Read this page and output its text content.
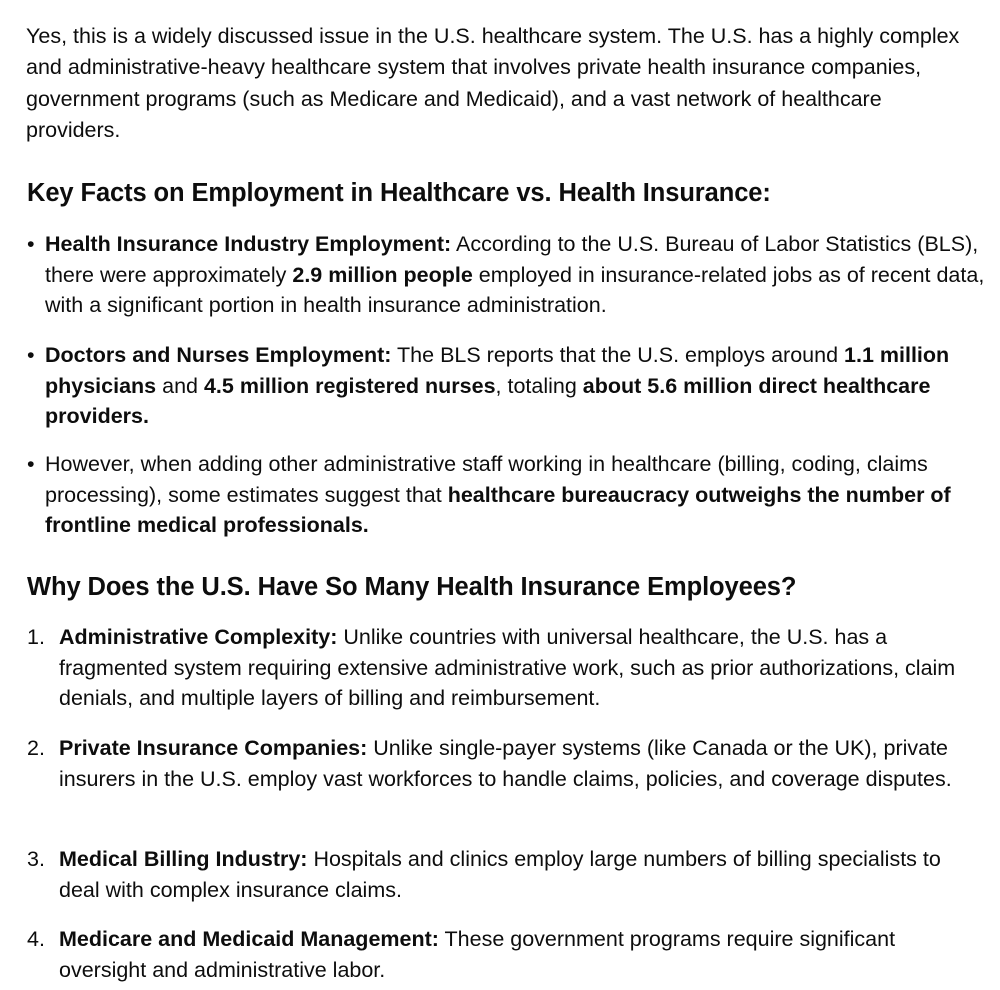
Yes, this is a widely discussed issue in the U.S. healthcare system. The U.S. has a highly complex and administrative-heavy healthcare system that involves private health insurance companies, government programs (such as Medicare and Medicaid), and a vast network of healthcare providers.

Key Facts on Employment in Healthcare vs. Health Insurance:
• Health Insurance Industry Employment: According to the U.S. Bureau of Labor Statistics (BLS), there were approximately 2.9 million people employed in insurance-related jobs as of recent data, with a significant portion in health insurance administration.
• Doctors and Nurses Employment: The BLS reports that the U.S. employs around 1.1 million physicians and 4.5 million registered nurses, totaling about 5.6 million direct healthcare providers.
• However, when adding other administrative staff working in healthcare (billing, coding, claims processing), some estimates suggest that healthcare bureaucracy outweighs the number of frontline medical professionals.
Why Does the U.S. Have So Many Health Insurance Employees?
1. Administrative Complexity: Unlike countries with universal healthcare, the U.S. has a fragmented system requiring extensive administrative work, such as prior authorizations, claim denials, and multiple layers of billing and reimbursement.
2. Private Insurance Companies: Unlike single-payer systems (like Canada or the UK), private insurers in the U.S. employ vast workforces to handle claims, policies, and coverage disputes.
3. Medical Billing Industry: Hospitals and clinics employ large numbers of billing specialists to deal with complex insurance claims.
4. Medicare and Medicaid Management: These government programs require significant oversight and administrative labor.
